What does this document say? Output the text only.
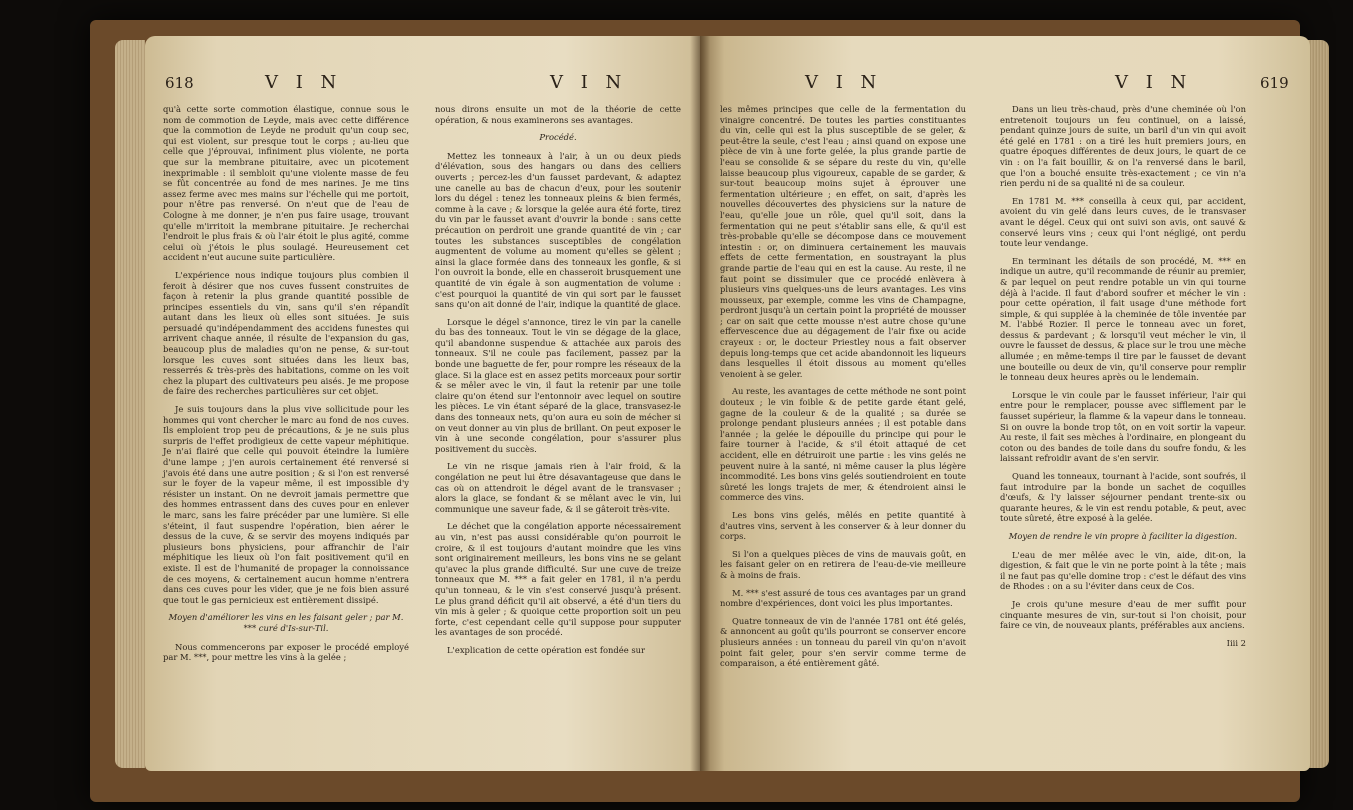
618	V I N	V I N

qu'à cette sorte commotion élastique, connue sous le nom de commotion de Leyde, mais avec cette différence que la commotion de Leyde ne produit qu'un coup sec, qui est violent, sur presque tout le corps ; au-lieu que celle que j'éprouvai, infiniment plus violente, ne porta que sur la membrane pituitaire, avec un picotement inexprimable : il sembloit qu'une violente masse de feu se fût concentrée au fond de mes narines. Je me tins assez ferme avec mes mains sur l'échelle qui me portoit, pour n'être pas renversé. On n'eut que de l'eau de Cologne à me donner, je n'en pus faire usage, trouvant qu'elle m'irritoit la membrane pituitaire. Je recherchai l'endroit le plus frais & où l'air étoit le plus agité, comme celui où j'étois le plus soulagé. Heureusement cet accident n'eut aucune suite particulière.

L'expérience nous indique toujours plus combien il feroit à désirer que nos cuves fussent construites de façon à retenir la plus grande quantité possible de principes essentiels du vin, sans qu'il s'en répandît autant dans les lieux où elles sont situées. Je suis persuadé qu'indépendamment des accidens funestes qui arrivent chaque année, il résulte de l'expansion du gas, beaucoup plus de maladies qu'on ne pense, & sur-tout lorsque les cuves sont situées dans les lieux bas, resserrés & très-près des habitations, comme on les voit chez la plupart des cultivateurs peu aisés. Je me propose de faire des recherches particulières sur cet objet.

Je suis toujours dans la plus vive sollicitude pour les hommes qui vont chercher le marc au fond de nos cuves. Ils emploient trop peu de précautions, & je ne suis plus surpris de l'effet prodigieux de cette vapeur méphitique. Je n'ai flairé que celle qui pouvoit éteindre la lumière d'une lampe ; j'en aurois certainement été renversé si j'avois été dans une autre position ; & si l'on est renversé sur le foyer de la vapeur même, il est impossible d'y résister un instant. On ne devroit jamais permettre que des hommes entrassent dans des cuves pour en enlever le marc, sans les faire précéder par une lumière. Si elle s'éteint, il faut suspendre l'opération, bien aérer le dessus de la cuve, & se servir des moyens indiqués par plusieurs bons physiciens, pour affranchir de l'air méphitique les lieux où l'on fait positivement qu'il en existe. Il est de l'humanité de propager la connoissance de ces moyens, & certainement aucun homme n'entrera dans ces cuves pour les vider, que je ne fois bien assuré que tout le gas pernicieux est entièrement dissipé.

Moyen d'améliorer les vins en les faisant geler ; par M. *** curé d'Is-sur-Til.

Nous commencerons par exposer le procédé employé par M. ***, pour mettre les vins à la gelée ;

nous dirons ensuite un mot de la théorie de cette opération, & nous examinerons ses avantages.

Procédé.

Mettez les tonneaux à l'air, à un ou deux pieds d'élévation, sous des hangars ou dans des celliers ouverts ; percez-les d'un fausset pardevant, & adaptez une canelle au bas de chacun d'eux, pour les soutenir lors du dégel : tenez les tonneaux pleins & bien fermés, comme à la cave ; & lorsque la gelée aura été forte, tirez du vin par le fausset avant d'ouvrir la bonde : sans cette précaution on perdroit une grande quantité de vin ; car toutes les substances susceptibles de congélation augmentent de volume au moment qu'elles se gèlent ; ainsi la glace formée dans des tonneaux les gonfle, & si l'on ouvroit la bonde, elle en chasseroit brusquement une quantité de vin égale à son augmentation de volume : c'est pourquoi la quantité de vin qui sort par le fausset sans qu'on ait donné de l'air, indique la quantité de glace.

Lorsque le dégel s'annonce, tirez le vin par la canelle du bas des tonneaux. Tout le vin se dégage de la glace, qu'il abandonne suspendue & attachée aux parois des tonneaux. S'il ne coule pas facilement, passez par la bonde une baguette de fer, pour rompre les réseaux de la glace. Si la glace est en assez petits morceaux pour sortir & se mêler avec le vin, il faut la retenir par une toile claire qu'on étend sur l'entonnoir avec lequel on soutire les pièces. Le vin étant séparé de la glace, transvasez-le dans des tonneaux nets, qu'on aura eu soin de mécher si on veut donner au vin plus de brillant. On peut exposer le vin à une seconde congélation, pour s'assurer plus positivement du succès.

Le vin ne risque jamais rien à l'air froid, & la congélation ne peut lui être désavantageuse que dans le cas où on attendroit le dégel avant de le transvaser ; alors la glace, se fondant & se mêlant avec le vin, lui communique une saveur fade, & il se gâteroit très-vite.

Le déchet que la congélation apporte nécessairement au vin, n'est pas aussi considérable qu'on pourroit le croire, & il est toujours d'autant moindre que les vins sont originairement meilleurs, les bons vins ne se gelant qu'avec la plus grande difficulté. Sur une cuve de treize tonneaux que M. *** a fait geler en 1781, il n'a perdu qu'un tonneau, & le vin s'est conservé jusqu'à présent. Le plus grand déficit qu'il ait observé, a été d'un tiers du vin mis à geler ; & quoique cette proportion soit un peu forte, c'est cependant celle qu'il suppose pour supputer les avantages de son procédé.

L'explication de cette opération est fondée sur

V I N	V I N	619

les mêmes principes que celle de la fermentation du vinaigre concentré. De toutes les parties constituantes du vin, celle qui est la plus susceptible de se geler, & peut-être la seule, c'est l'eau ; ainsi quand on expose une pièce de vin à une forte gelée, la plus grande partie de l'eau se consolide & se sépare du reste du vin, qu'elle laisse beaucoup plus vigoureux, capable de se garder, & sur-tout beaucoup moins sujet à éprouver une fermentation ultérieure ; en effet, on sait, d'après les nouvelles découvertes des physiciens sur la nature de l'eau, qu'elle joue un rôle, quel qu'il soit, dans la fermentation qui ne peut s'établir sans elle, & qu'il est très-probable qu'elle se décompose dans ce mouvement intestin : or, on diminuera certainement les mauvais effets de cette fermentation, en soustrayant la plus grande partie de l'eau qui en est la cause. Au reste, il ne faut point se dissimuler que ce procédé enlèvera à plusieurs vins quelques-uns de leurs avantages. Les vins mousseux, par exemple, comme les vins de Champagne, perdront jusqu'à un certain point la propriété de mousser ; car on sait que cette mousse n'est autre chose qu'une effervescence due au dégagement de l'air fixe ou acide crayeux : or, le docteur Priestley nous a fait observer depuis long-temps que cet acide abandonnoit les liqueurs dans lesquelles il étoit dissous au moment qu'elles venoient à se geler.

Au reste, les avantages de cette méthode ne sont point douteux ; le vin foible & de petite garde étant gelé, gagne de la couleur & de la qualité ; sa durée se prolonge pendant plusieurs années ; il est potable dans l'année ; la gelée le dépouille du principe qui pour le faire tourner à l'acide, & s'il étoit attaqué de cet accident, elle en détruiroit une partie : les vins gelés ne peuvent nuire à la santé, ni même causer la plus légère incommodité. Les bons vins gelés soutiendroient en toute sûreté les longs trajets de mer, & étendroient ainsi le commerce des vins.

Les bons vins gelés, mêlés en petite quantité à d'autres vins, servent à les conserver & à leur donner du corps.

Si l'on a quelques pièces de vins de mauvais goût, en les faisant geler on en retirera de l'eau-de-vie meilleure & à moins de frais.

M. *** s'est assuré de tous ces avantages par un grand nombre d'expériences, dont voici les plus importantes.

Quatre tonneaux de vin de l'année 1781 ont été gelés, & annoncent au goût qu'ils pourront se conserver encore plusieurs années : un tonneau du pareil vin qu'on n'avoit point fait geler, pour s'en servir comme terme de comparaison, a été entièrement gâté.

Dans un lieu très-chaud, près d'une cheminée où l'on entretenoit toujours un feu continuel, on a laissé, pendant quinze jours de suite, un baril d'un vin qui avoit été gelé en 1781 : on a tiré les huit premiers jours, en quatre époques différentes de deux jours, le quart de ce vin : on l'a fait bouillir, & on l'a renversé dans le baril, que l'on a bouché ensuite très-exactement ; ce vin n'a rien perdu ni de sa qualité ni de sa couleur.

En 1781 M. *** conseilla à ceux qui, par accident, avoient du vin gelé dans leurs cuves, de le transvaser avant le dégel. Ceux qui ont suivi son avis, ont sauvé & conservé leurs vins ; ceux qui l'ont négligé, ont perdu toute leur vendange.

En terminant les détails de son procédé, M. *** en indique un autre, qu'il recommande de réunir au premier, & par lequel on peut rendre potable un vin qui tourne déjà à l'acide. Il faut d'abord soufrer et mécher le vin : pour cette opération, il fait usage d'une méthode fort simple, & qui supplée à la cheminée de tôle inventée par M. l'abbé Rozier. Il perce le tonneau avec un foret, dessus & pardevant ; & lorsqu'il veut mécher le vin, il ouvre le fausset de dessus, & place sur le trou une mèche allumée ; en même-temps il tire par le fausset de devant une bouteille ou deux de vin, qu'il conserve pour remplir le tonneau deux heures après ou le lendemain.

Lorsque le vin coule par le fausset inférieur, l'air qui entre pour le remplacer, pousse avec sifflement par le fausset supérieur, la flamme & la vapeur dans le tonneau. Si on ouvre la bonde trop tôt, on en voit sortir la vapeur. Au reste, il fait ses mèches à l'ordinaire, en plongeant du coton ou des bandes de toile dans du soufre fondu, & les laissant refroidir avant de s'en servir.

Quand les tonneaux, tournant à l'acide, sont soufrés, il faut introduire par la bonde un sachet de coquilles d'œufs, & l'y laisser séjourner pendant trente-six ou quarante heures, & le vin est rendu potable, & peut, avec toute sûreté, être exposé à la gelée.

Moyen de rendre le vin propre à faciliter la digestion.

L'eau de mer mêlée avec le vin, aide, dit-on, la digestion, & fait que le vin ne porte point à la tête ; mais il ne faut pas qu'elle domine trop : c'est le défaut des vins de Rhodes : on a su l'éviter dans ceux de Cos.

Je crois qu'une mesure d'eau de mer suffit pour cinquante mesures de vin, sur-tout si l'on choisit, pour faire ce vin, de nouveaux plants, préférables aux anciens.

Iiii 2
